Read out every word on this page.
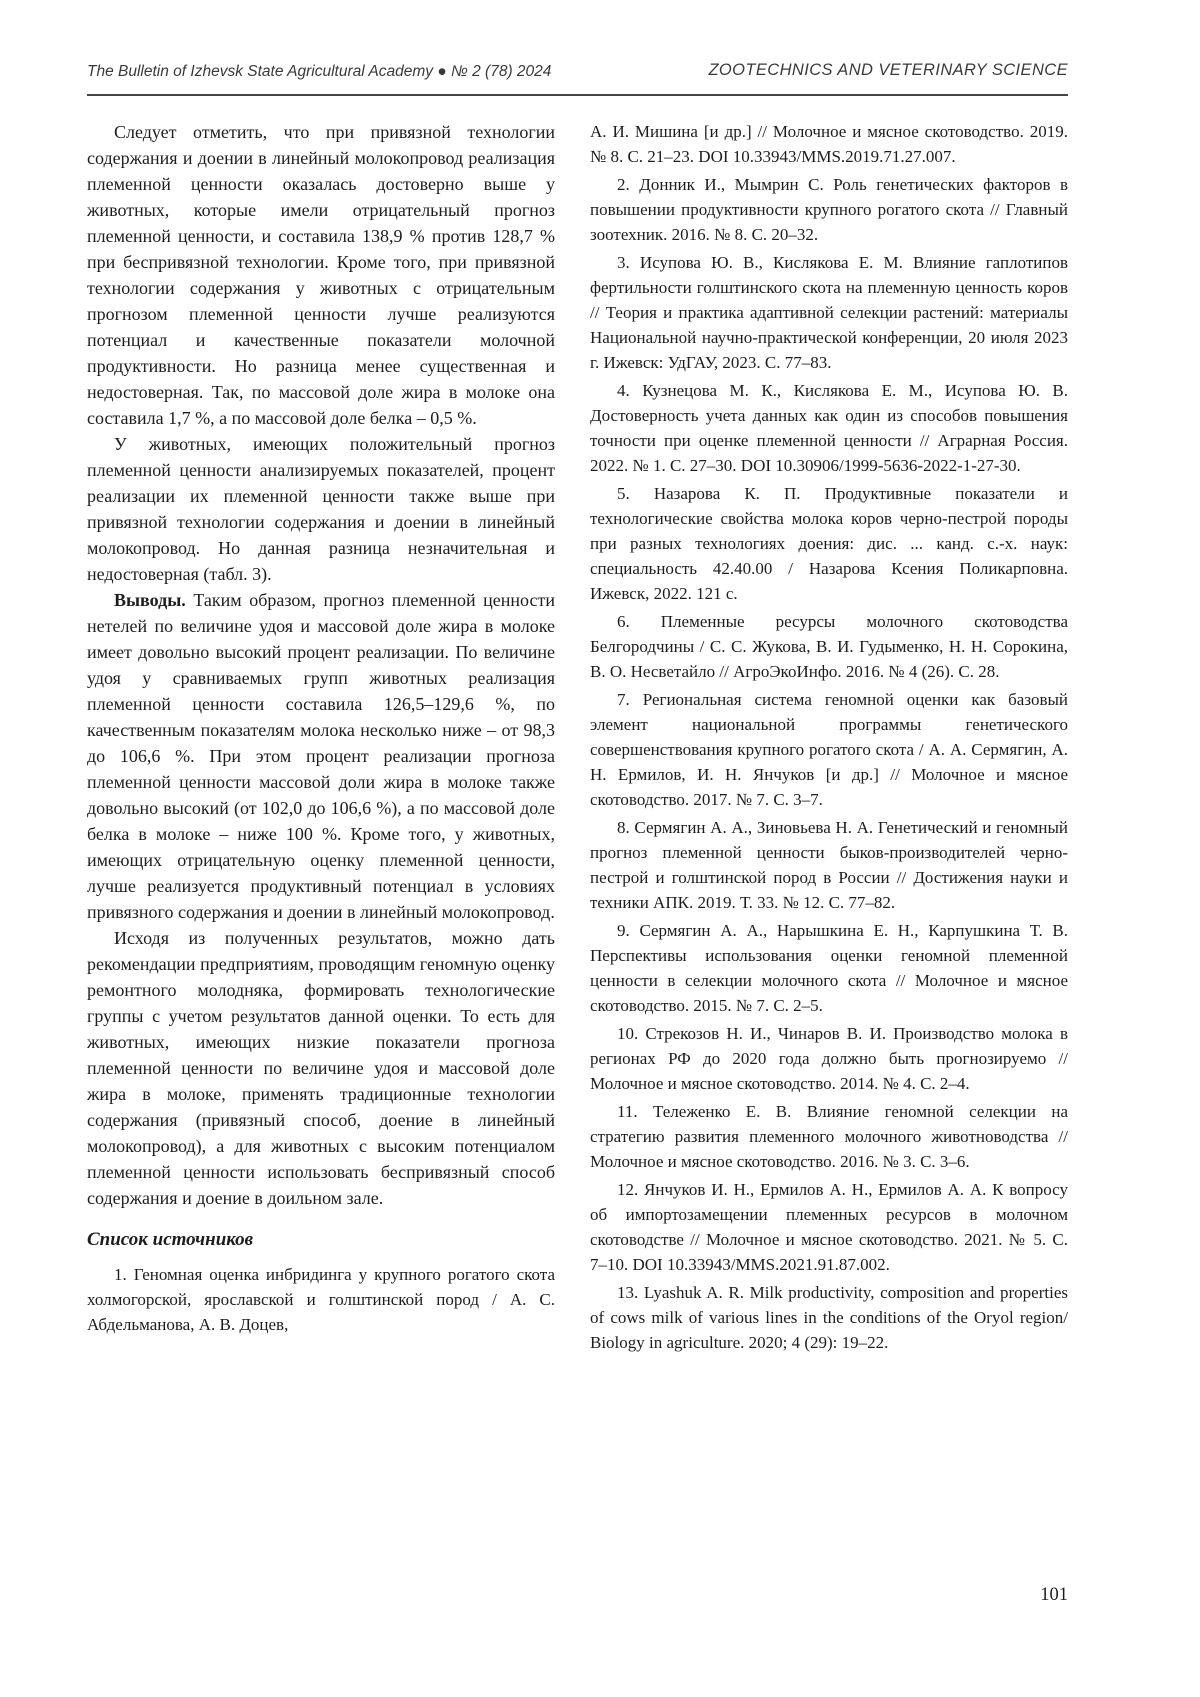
The Bulletin of Izhevsk State Agricultural Academy ● № 2 (78) 2024	ZOOTECHNICS AND VETERINARY SCIENCE

Следует отметить, что при привязной технологии содержания и доении в линейный молокопровод реализация племенной ценности оказалась достоверно выше у животных, которые имели отрицательный прогноз племенной ценности, и составила 138,9 % против 128,7 % при беспривязной технологии. Кроме того, при привязной технологии содержания у животных с отрицательным прогнозом племенной ценности лучше реализуются потенциал и качественные показатели молочной продуктивности. Но разница менее существенная и недостоверная. Так, по массовой доле жира в молоке она составила 1,7 %, а по массовой доле белка – 0,5 %.

У животных, имеющих положительный прогноз племенной ценности анализируемых показателей, процент реализации их племенной ценности также выше при привязной технологии содержания и доении в линейный молокопровод. Но данная разница незначительная и недостоверная (табл. 3).

Выводы. Таким образом, прогноз племенной ценности нетелей по величине удоя и массовой доле жира в молоке имеет довольно высокий процент реализации. По величине удоя у сравниваемых групп животных реализация племенной ценности составила 126,5–129,6 %, по качественным показателям молока несколько ниже – от 98,3 до 106,6 %. При этом процент реализации прогноза племенной ценности массовой доли жира в молоке также довольно высокий (от 102,0 до 106,6 %), а по массовой доле белка в молоке – ниже 100 %. Кроме того, у животных, имеющих отрицательную оценку племенной ценности, лучше реализуется продуктивный потенциал в условиях привязного содержания и доении в линейный молокопровод.

Исходя из полученных результатов, можно дать рекомендации предприятиям, проводящим геномную оценку ремонтного молодняка, формировать технологические группы с учетом результатов данной оценки. То есть для животных, имеющих низкие показатели прогноза племенной ценности по величине удоя и массовой доле жира в молоке, применять традиционные технологии содержания (привязный способ, доение в линейный молокопровод), а для животных с высоким потенциалом племенной ценности использовать беспривязный способ содержания и доение в доильном зале.

Список источников

1. Геномная оценка инбридинга у крупного рогатого скота холмогорской, ярославской и голштинской пород / А. С. Абдельманова, А. В. Доцев,

А. И. Мишина [и др.] // Молочное и мясное скотоводство. 2019. № 8. С. 21–23. DOI 10.33943/MMS.2019.71.27.007.

2. Донник И., Мымрин С. Роль генетических факторов в повышении продуктивности крупного рогатого скота // Главный зоотехник. 2016. № 8. С. 20–32.

3. Исупова Ю. В., Кислякова Е. М. Влияние гаплотипов фертильности голштинского скота на племенную ценность коров // Теория и практика адаптивной селекции растений: материалы Национальной научно-практической конференции, 20 июля 2023 г. Ижевск: УдГАУ, 2023. С. 77–83.

4. Кузнецова М. К., Кислякова Е. М., Исупова Ю. В. Достоверность учета данных как один из способов повышения точности при оценке племенной ценности // Аграрная Россия. 2022. № 1. С. 27–30. DOI 10.30906/1999-5636-2022-1-27-30.

5. Назарова К. П. Продуктивные показатели и технологические свойства молока коров черно-пестрой породы при разных технологиях доения: дис. ... канд. с.-х. наук: специальность 42.40.00 / Назарова Ксения Поликарповна. Ижевск, 2022. 121 с.

6. Племенные ресурсы молочного скотоводства Белгородчины / С. С. Жукова, В. И. Гудыменко, Н. Н. Сорокина, В. О. Несветайло // АгроЭкоИнфо. 2016. № 4 (26). С. 28.

7. Региональная система геномной оценки как базовый элемент национальной программы генетического совершенствования крупного рогатого скота / А. А. Сермягин, А. Н. Ермилов, И. Н. Янчуков [и др.] // Молочное и мясное скотоводство. 2017. № 7. С. 3–7.

8. Сермягин А. А., Зиновьева Н. А. Генетический и геномный прогноз племенной ценности быков-производителей черно-пестрой и голштинской пород в России // Достижения науки и техники АПК. 2019. Т. 33. № 12. С. 77–82.

9. Сермягин А. А., Нарышкина Е. Н., Карпушкина Т. В. Перспективы использования оценки геномной племенной ценности в селекции молочного скота // Молочное и мясное скотоводство. 2015. № 7. С. 2–5.

10. Стрекозов Н. И., Чинаров В. И. Производство молока в регионах РФ до 2020 года должно быть прогнозируемо // Молочное и мясное скотоводство. 2014. № 4. С. 2–4.

11. Тележенко Е. В. Влияние геномной селекции на стратегию развития племенного молочного животноводства // Молочное и мясное скотоводство. 2016. № 3. С. 3–6.

12. Янчуков И. Н., Ермилов А. Н., Ермилов А. А. К вопросу об импортозамещении племенных ресурсов в молочном скотоводстве // Молочное и мясное скотоводство. 2021. № 5. С. 7–10. DOI 10.33943/MMS.2021.91.87.002.

13. Lyashuk A. R. Milk productivity, composition and properties of cows milk of various lines in the conditions of the Oryol region/ Biology in agriculture. 2020; 4 (29): 19–22.

101
